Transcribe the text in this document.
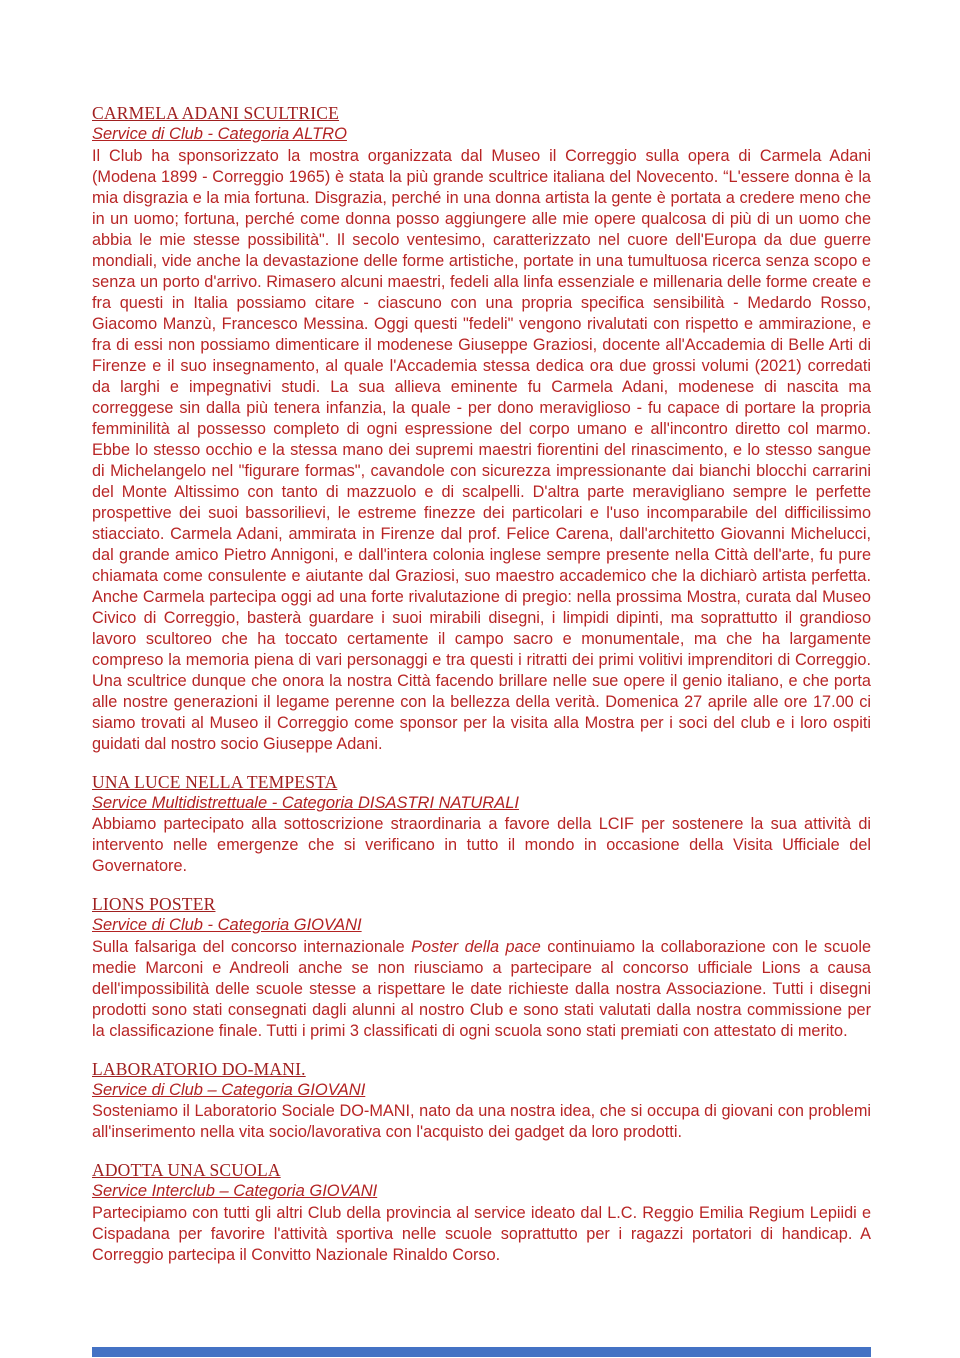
CARMELA ADANI SCULTRICE
Service di Club - Categoria ALTRO

Il Club ha sponsorizzato la mostra organizzata dal Museo il Correggio sulla opera di Carmela Adani (Modena 1899 - Correggio 1965) è stata la più grande scultrice italiana del Novecento. “L'essere donna è la mia disgrazia e la mia fortuna. Disgrazia, perché in una donna artista la gente è portata a credere meno che in un uomo; fortuna, perché come donna posso aggiungere alle mie opere qualcosa di più di un uomo che abbia le mie stesse possibilità". Il secolo ventesimo, caratterizzato nel cuore dell'Europa da due guerre mondiali, vide anche la devastazione delle forme artistiche, portate in una tumultuosa ricerca senza scopo e senza un porto d'arrivo. Rimasero alcuni maestri, fedeli alla linfa essenziale e millenaria delle forme create e fra questi in Italia possiamo citare - ciascuno con una propria specifica sensibilità - Medardo Rosso, Giacomo Manzù, Francesco Messina. Oggi questi "fedeli" vengono rivalutati con rispetto e ammirazione, e fra di essi non possiamo dimenticare il modenese Giuseppe Graziosi, docente all'Accademia di Belle Arti di Firenze e il suo insegnamento, al quale l'Accademia stessa dedica ora due grossi volumi (2021) corredati da larghi e impegnativi studi. La sua allieva eminente fu Carmela Adani, modenese di nascita ma correggese sin dalla più tenera infanzia, la quale - per dono meraviglioso - fu capace di portare la propria femminilità al possesso completo di ogni espressione del corpo umano e all'incontro diretto col marmo. Ebbe lo stesso occhio e la stessa mano dei supremi maestri fiorentini del rinascimento, e lo stesso sangue di Michelangelo nel "figurare formas", cavandole con sicurezza impressionante dai bianchi blocchi carrarini del Monte Altissimo con tanto di mazzuolo e di scalpelli. D'altra parte meravigliano sempre le perfette prospettive dei suoi bassorilievi, le estreme finezze dei particolari e l'uso incomparabile del difficilissimo stiacciato. Carmela Adani, ammirata in Firenze dal prof. Felice Carena, dall'architetto Giovanni Michelucci, dal grande amico Pietro Annigoni, e dall'intera colonia inglese sempre presente nella Città dell'arte, fu pure chiamata come consulente e aiutante dal Graziosi, suo maestro accademico che la dichiarò artista perfetta. Anche Carmela partecipa oggi ad una forte rivalutazione di pregio: nella prossima Mostra, curata dal Museo Civico di Correggio, basterà guardare i suoi mirabili disegni, i limpidi dipinti, ma soprattutto il grandioso lavoro scultoreo che ha toccato certamente il campo sacro e monumentale, ma che ha largamente compreso la memoria piena di vari personaggi e tra questi i ritratti dei primi volitivi imprenditori di Correggio. Una scultrice dunque che onora la nostra Città facendo brillare nelle sue opere il genio italiano, e che porta alle nostre generazioni il legame perenne con la bellezza della verità. Domenica 27 aprile alle ore 17.00 ci siamo trovati al Museo il Correggio come sponsor per la visita alla Mostra per i soci del club e i loro ospiti guidati dal nostro socio Giuseppe Adani.

UNA LUCE NELLA TEMPESTA
Service Multidistrettuale - Categoria DISASTRI NATURALI

Abbiamo partecipato alla sottoscrizione straordinaria a favore della LCIF per sostenere la sua attività di intervento nelle emergenze che si verificano in tutto il mondo in occasione della Visita Ufficiale del Governatore.

LIONS POSTER
Service di Club - Categoria GIOVANI

Sulla falsariga del concorso internazionale Poster della pace continuiamo la collaborazione con le scuole medie Marconi e Andreoli anche se non riusciamo a partecipare al concorso ufficiale Lions a causa dell'impossibilità delle scuole stesse a rispettare le date richieste dalla nostra Associazione. Tutti i disegni prodotti sono stati consegnati dagli alunni al nostro Club e sono stati valutati dalla nostra commissione per la classificazione finale. Tutti i primi 3 classificati di ogni scuola sono stati premiati con attestato di merito.

LABORATORIO DO-MANI.
Service di Club – Categoria GIOVANI

Sosteniamo il Laboratorio Sociale DO-MANI, nato da una nostra idea, che si occupa di giovani con problemi all'inserimento nella vita socio/lavorativa con l'acquisto dei gadget da loro prodotti.

ADOTTA UNA SCUOLA
Service Interclub – Categoria GIOVANI

Partecipiamo con tutti gli altri Club della provincia al service ideato dal L.C. Reggio Emilia Regium Lepiidi e Cispadana per favorire l'attività sportiva nelle scuole soprattutto per i ragazzi portatori di handicap. A Correggio partecipa il Convitto Nazionale Rinaldo Corso.
